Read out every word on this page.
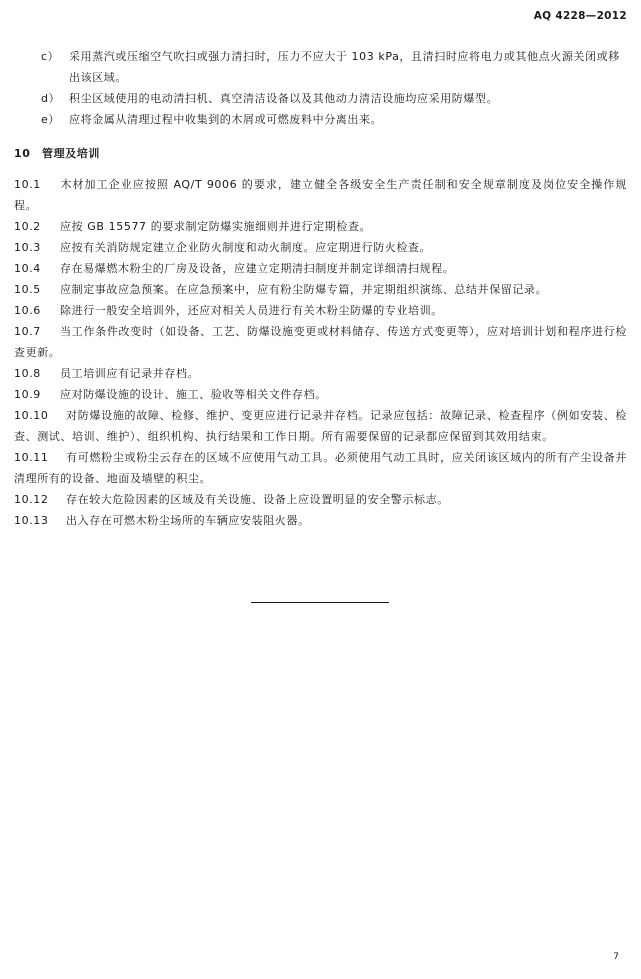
AQ 4228—2012
c） 采用蒸汽或压缩空气吹扫或强力清扫时，压力不应大于 103 kPa，且清扫时应将电力或其他点火源关闭或移出该区域。
d） 积尘区域使用的电动清扫机、真空清洁设备以及其他动力清洁设施均应采用防爆型。
e） 应将金属从清理过程中收集到的木屑或可燃废料中分离出来。
10 管理及培训

10.1 木材加工企业应按照 AQ/T 9006 的要求，建立健全各级安全生产责任制和安全规章制度及岗位安全操作规程。

10.2 应按 GB 15577 的要求制定防爆实施细则并进行定期检查。

10.3 应按有关消防规定建立企业防火制度和动火制度。应定期进行防火检查。

10.4 存在易爆燃木粉尘的厂房及设备，应建立定期清扫制度并制定详细清扫规程。

10.5 应制定事故应急预案。在应急预案中，应有粉尘防爆专篇，并定期组织演练、总结并保留记录。

10.6 除进行一般安全培训外，还应对相关人员进行有关木粉尘防爆的专业培训。

10.7 当工作条件改变时（如设备、工艺、防爆设施变更或材料储存、传送方式变更等），应对培训计划和程序进行检查更新。

10.8 员工培训应有记录并存档。

10.9 应对防爆设施的设计、施工、验收等相关文件存档。

10.10 对防爆设施的故障、检修、维护、变更应进行记录并存档。记录应包括：故障记录、检查程序（例如安装、检查、测试、培训、维护）、组织机构、执行结果和工作日期。所有需要保留的记录都应保留到其效用结束。

10.11 有可燃粉尘或粉尘云存在的区域不应使用气动工具。必须使用气动工具时，应关闭该区域内的所有产尘设备并清理所有的设备、地面及墙壁的积尘。

10.12 存在较大危险因素的区域及有关设施、设备上应设置明显的安全警示标志。

10.13 出入存在可燃木粉尘场所的车辆应安装阻火器。

7
